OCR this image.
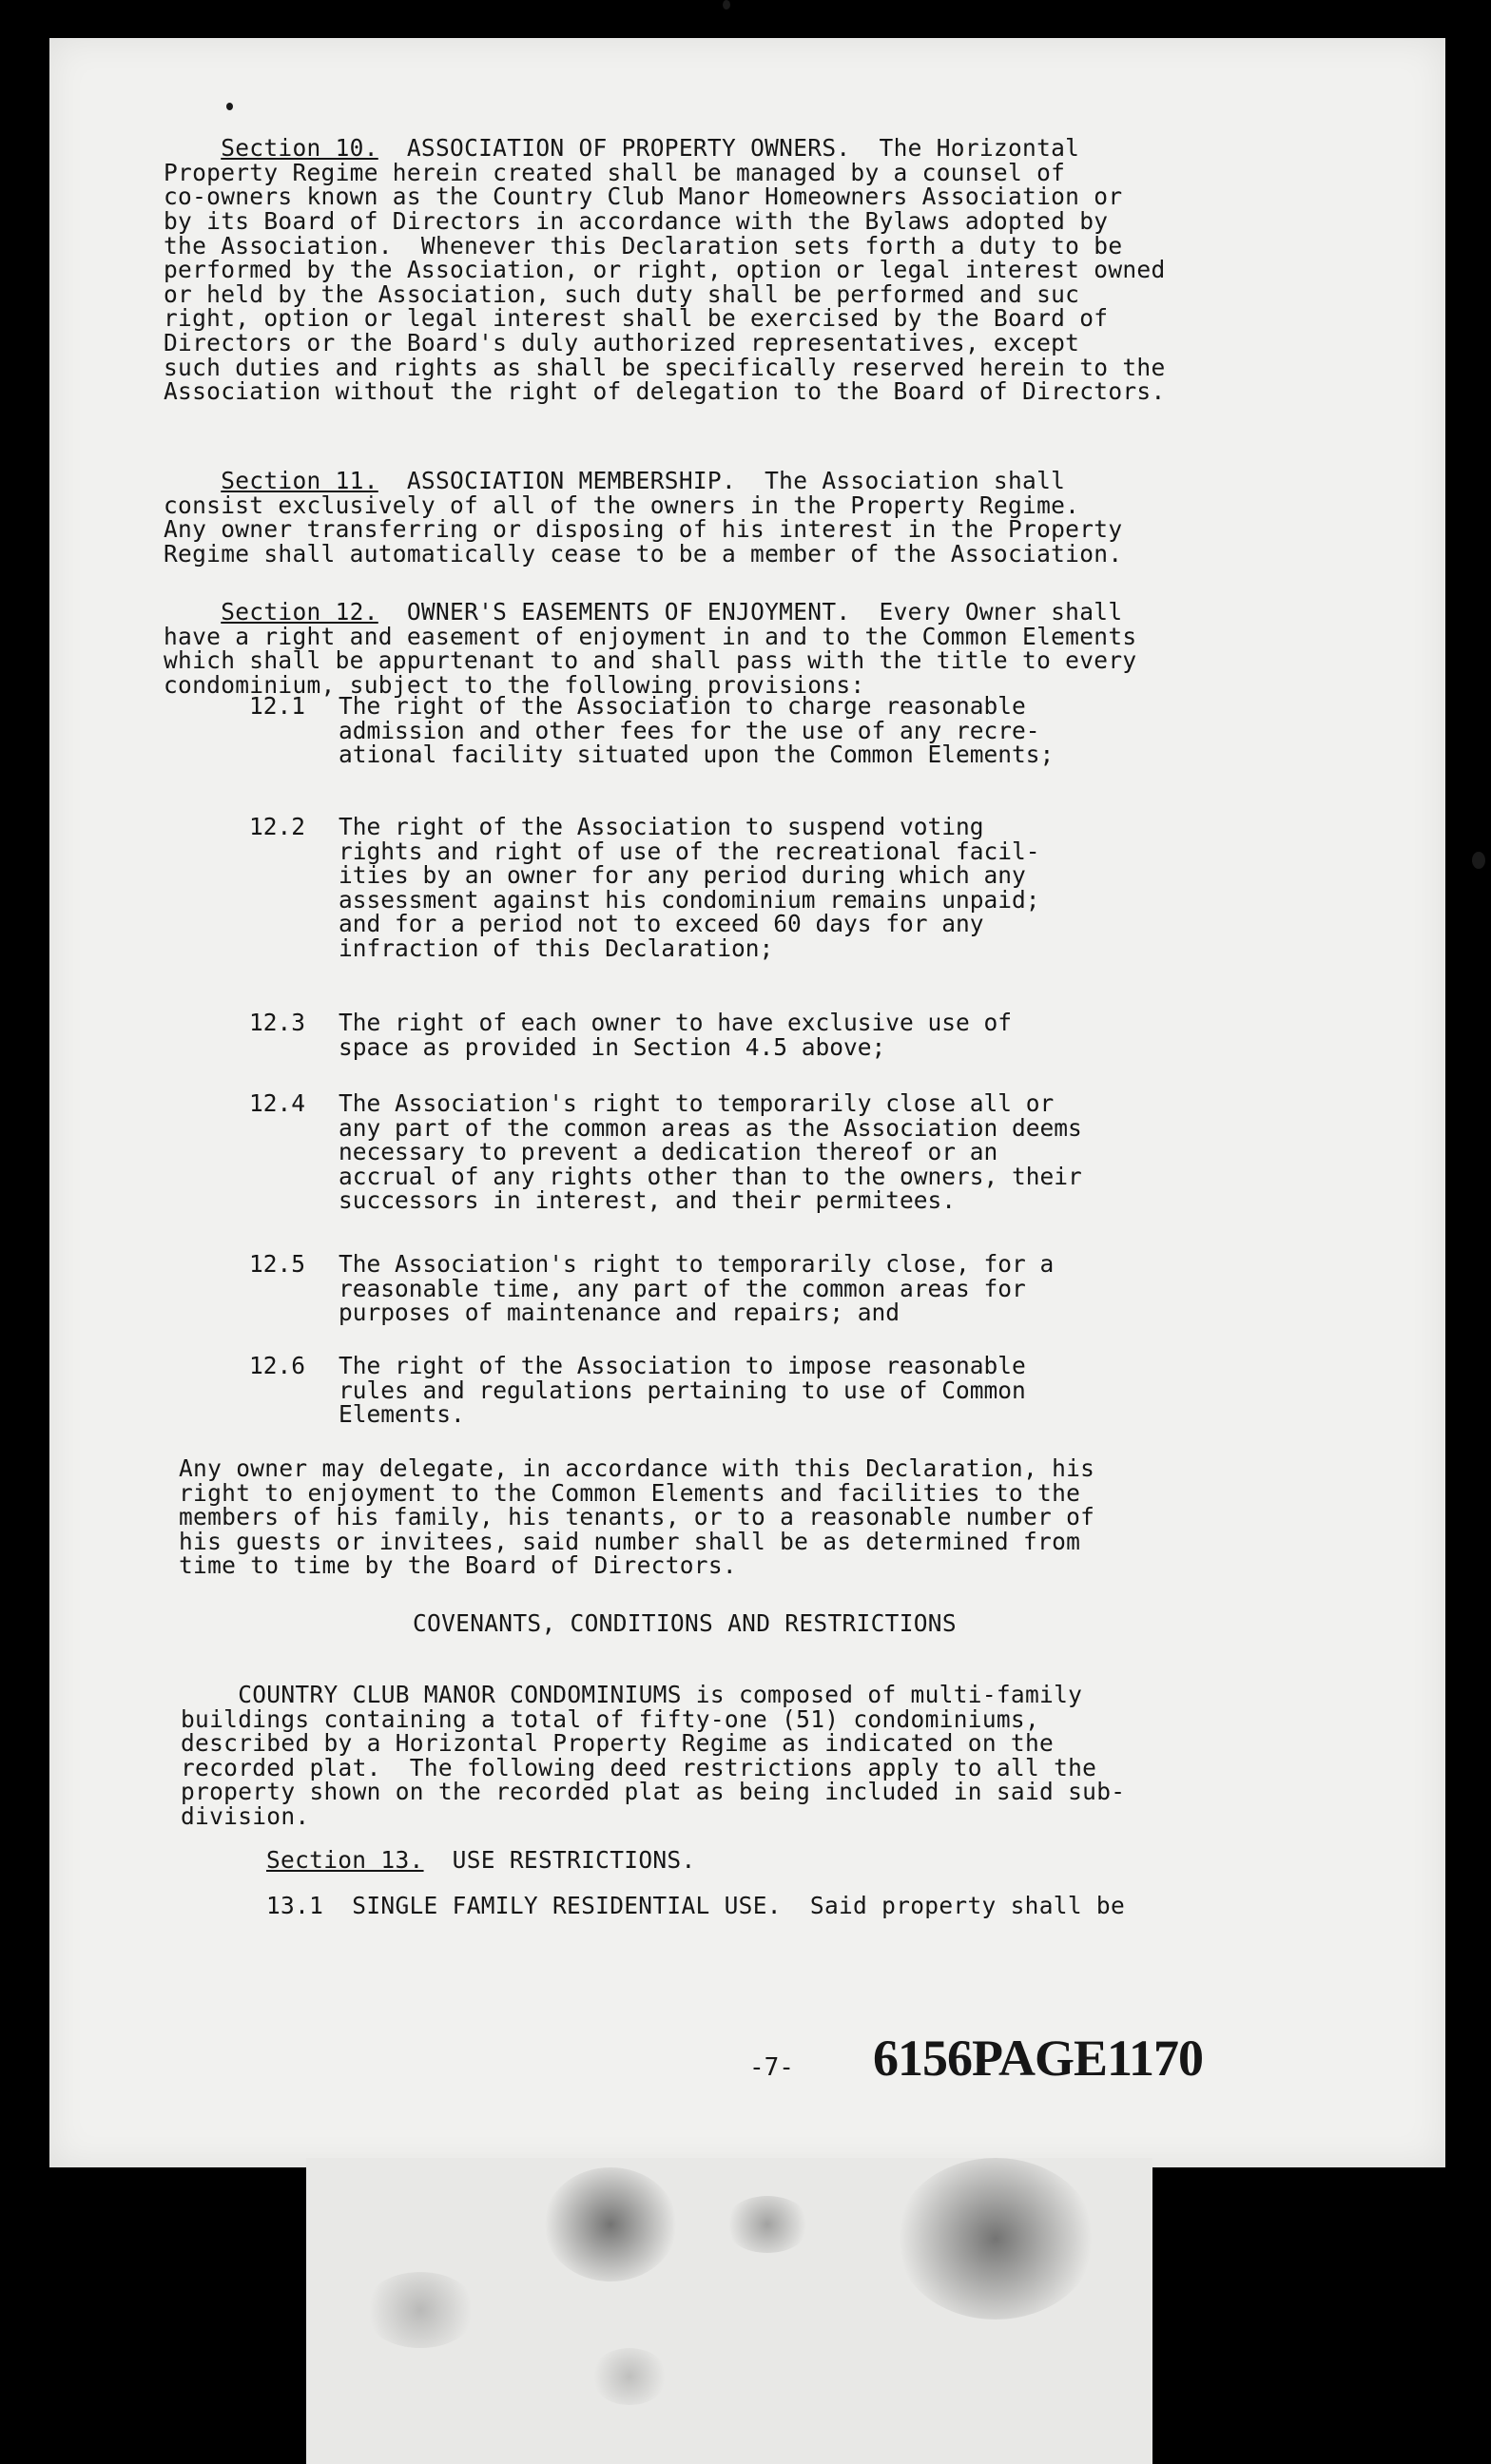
Section 10.  ASSOCIATION OF PROPERTY OWNERS.  The Horizontal
Property Regime herein created shall be managed by a counsel of
co-owners known as the Country Club Manor Homeowners Association or
by its Board of Directors in accordance with the Bylaws adopted by
the Association.  Whenever this Declaration sets forth a duty to be
performed by the Association, or right, option or legal interest owned
or held by the Association, such duty shall be performed and suc
right, option or legal interest shall be exercised by the Board of
Directors or the Board's duly authorized representatives, except
such duties and rights as shall be specifically reserved herein to the
Association without the right of delegation to the Board of Directors.

Section 11.  ASSOCIATION MEMBERSHIP.  The Association shall
consist exclusively of all of the owners in the Property Regime.
Any owner transferring or disposing of his interest in the Property
Regime shall automatically cease to be a member of the Association.

Section 12.  OWNER'S EASEMENTS OF ENJOYMENT.  Every Owner shall
have a right and easement of enjoyment in and to the Common Elements
which shall be appurtenant to and shall pass with the title to every
condominium, subject to the following provisions:

12.1

The right of the Association to charge reasonable
admission and other fees for the use of any recre-
ational facility situated upon the Common Elements;

12.2

The right of the Association to suspend voting
rights and right of use of the recreational facil-
ities by an owner for any period during which any
assessment against his condominium remains unpaid;
and for a period not to exceed 60 days for any
infraction of this Declaration;

12.3

The right of each owner to have exclusive use of
space as provided in Section 4.5 above;

12.4

The Association's right to temporarily close all or
any part of the common areas as the Association deems
necessary to prevent a dedication thereof or an
accrual of any rights other than to the owners, their
successors in interest, and their permitees.

12.5

The Association's right to temporarily close, for a
reasonable time, any part of the common areas for
purposes of maintenance and repairs; and

12.6

The right of the Association to impose reasonable
rules and regulations pertaining to use of Common
Elements.

Any owner may delegate, in accordance with this Declaration, his
right to enjoyment to the Common Elements and facilities to the
members of his family, his tenants, or to a reasonable number of
his guests or invitees, said number shall be as determined from
time to time by the Board of Directors.
COVENANTS, CONDITIONS AND RESTRICTIONS
COUNTRY CLUB MANOR CONDOMINIUMS is composed of multi-family
buildings containing a total of fifty-one (51) condominiums,
described by a Horizontal Property Regime as indicated on the
recorded plat.  The following deed restrictions apply to all the
property shown on the recorded plat as being included in said sub-
division.
Section 13. USE RESTRICTIONS.
13.1  SINGLE FAMILY RESIDENTIAL USE.  Said property shall be
-7- 6156PAGE1170
